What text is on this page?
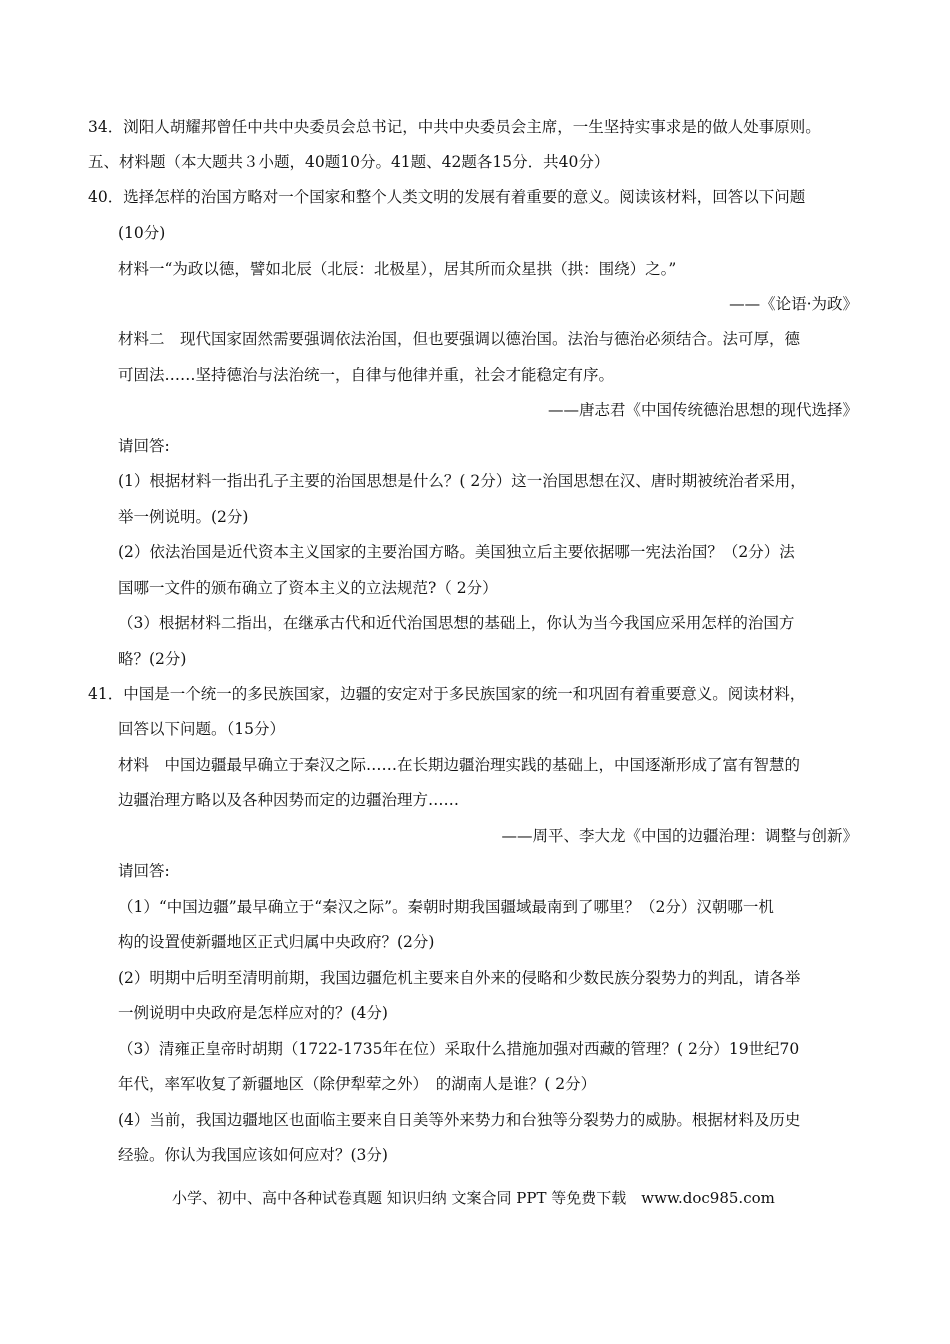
34．浏阳人胡耀邦曾任中共中央委员会总书记，中共中央委员会主席，一生坚持实事求是的做人处事原则。
五、材料题（本大题共３小题，40题10分。41题、42题各15分．共40分）
40．选择怎样的治国方略对一个国家和整个人类文明的发展有着重要的意义。阅读该材料，回答以下问题
(10分)
材料一“为政以德，譬如北辰（北辰：北极星），居其所而众星拱（拱：围绕）之。”
——《论语·为政》
材料二　现代国家固然需要强调依法治国，但也要强调以德治国。法治与德治必须结合。法可厚，德
可固法……坚持德治与法治统一，自律与他律并重，社会才能稳定有序。
——唐志君《中国传统德治思想的现代选择》
请回答:
(1）根据材料一指出孔子主要的治国思想是什么？( 2分）这一治国思想在汉、唐时期被统治者采用，
举一例说明。(2分)
(2）依法治国是近代资本主义国家的主要治国方略。美国独立后主要依据哪一宪法治国？（2分）法
国哪一文件的颁布确立了资本主义的立法规范?（ 2分）
（3）根据材料二指出，在继承古代和近代治国思想的基础上，你认为当今我国应采用怎样的治国方
略？(2分)
41．中国是一个统一的多民族国家，边疆的安定对于多民族国家的统一和巩固有着重要意义。阅读材料，
回答以下问题。（15分）
材料　中国边疆最早确立于秦汉之际……在长期边疆治理实践的基础上，中国逐渐形成了富有智慧的
边疆治理方略以及各种因势而定的边疆治理方……
——周平、李大龙《中国的边疆治理：调整与创新》
请回答:
（1）“中国边疆”最早确立于“秦汉之际”。秦朝时期我国疆域最南到了哪里？（2分）汉朝哪一机
构的设置使新疆地区正式归属中央政府？(2分)
(2）明期中后明至清明前期，我国边疆危机主要来自外来的侵略和少数民族分裂势力的判乱，请各举
一例说明中央政府是怎样应对的？(4分)
（3）清雍正皇帝时胡期（1722-1735年在位）采取什么措施加强对西藏的管理？( 2分）19世纪70
年代，率军收复了新疆地区（除伊犁荤之外）　的湖南人是谁？( 2分）
(4）当前，我国边疆地区也面临主要来自日美等外来势力和台独等分裂势力的威胁。根据材料及历史
经验。你认为我国应该如何应对？(3分)
小学、初中、高中各种试卷真题 知识归纳 文案合同 PPT 等免费下载　www.doc985.com
